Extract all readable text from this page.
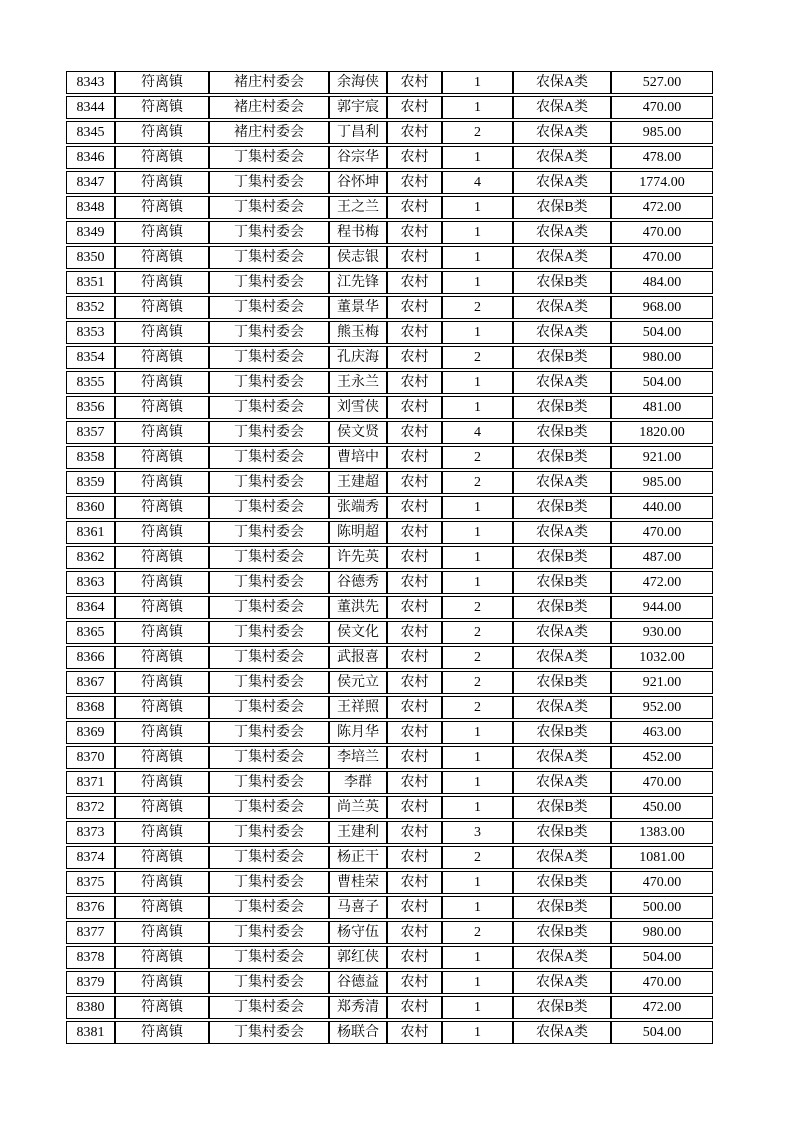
8343	符离镇	褚庄村委会	余海侠	农村	1	农保A类	527.00
8344	符离镇	褚庄村委会	郭宇宸	农村	1	农保A类	470.00
8345	符离镇	褚庄村委会	丁昌利	农村	2	农保A类	985.00
8346	符离镇	丁集村委会	谷宗华	农村	1	农保A类	478.00
8347	符离镇	丁集村委会	谷怀坤	农村	4	农保A类	1774.00
8348	符离镇	丁集村委会	王之兰	农村	1	农保B类	472.00
8349	符离镇	丁集村委会	程书梅	农村	1	农保A类	470.00
8350	符离镇	丁集村委会	侯志银	农村	1	农保A类	470.00
8351	符离镇	丁集村委会	江先锋	农村	1	农保B类	484.00
8352	符离镇	丁集村委会	董景华	农村	2	农保A类	968.00
8353	符离镇	丁集村委会	熊玉梅	农村	1	农保A类	504.00
8354	符离镇	丁集村委会	孔庆海	农村	2	农保B类	980.00
8355	符离镇	丁集村委会	王永兰	农村	1	农保A类	504.00
8356	符离镇	丁集村委会	刘雪侠	农村	1	农保B类	481.00
8357	符离镇	丁集村委会	侯文贤	农村	4	农保B类	1820.00
8358	符离镇	丁集村委会	曹培中	农村	2	农保B类	921.00
8359	符离镇	丁集村委会	王建超	农村	2	农保A类	985.00
8360	符离镇	丁集村委会	张端秀	农村	1	农保B类	440.00
8361	符离镇	丁集村委会	陈明超	农村	1	农保A类	470.00
8362	符离镇	丁集村委会	许先英	农村	1	农保B类	487.00
8363	符离镇	丁集村委会	谷德秀	农村	1	农保B类	472.00
8364	符离镇	丁集村委会	董洪先	农村	2	农保B类	944.00
8365	符离镇	丁集村委会	侯文化	农村	2	农保A类	930.00
8366	符离镇	丁集村委会	武报喜	农村	2	农保A类	1032.00
8367	符离镇	丁集村委会	侯元立	农村	2	农保B类	921.00
8368	符离镇	丁集村委会	王祥照	农村	2	农保A类	952.00
8369	符离镇	丁集村委会	陈月华	农村	1	农保B类	463.00
8370	符离镇	丁集村委会	李培兰	农村	1	农保A类	452.00
8371	符离镇	丁集村委会	李群	农村	1	农保A类	470.00
8372	符离镇	丁集村委会	尚兰英	农村	1	农保B类	450.00
8373	符离镇	丁集村委会	王建利	农村	3	农保B类	1383.00
8374	符离镇	丁集村委会	杨正干	农村	2	农保A类	1081.00
8375	符离镇	丁集村委会	曹桂荣	农村	1	农保B类	470.00
8376	符离镇	丁集村委会	马喜子	农村	1	农保B类	500.00
8377	符离镇	丁集村委会	杨守伍	农村	2	农保B类	980.00
8378	符离镇	丁集村委会	郭红侠	农村	1	农保A类	504.00
8379	符离镇	丁集村委会	谷德益	农村	1	农保A类	470.00
8380	符离镇	丁集村委会	郑秀清	农村	1	农保B类	472.00
8381	符离镇	丁集村委会	杨联合	农村	1	农保A类	504.00
